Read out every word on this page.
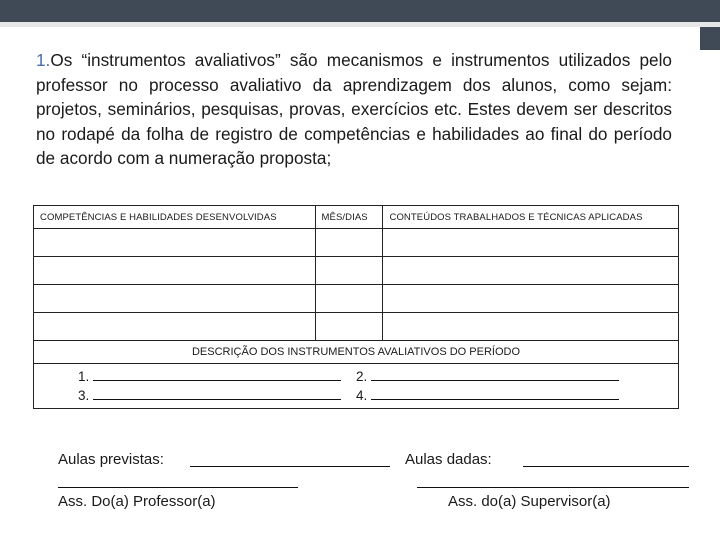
1.Os “instrumentos avaliativos” são mecanismos e instrumentos utilizados pelo professor no processo avaliativo da aprendizagem dos alunos, como sejam: projetos, seminários, pesquisas, provas, exercícios etc. Estes devem ser descritos no rodapé da folha de registro de competências e habilidades ao final do período de acordo com a numeração proposta;

COMPETÊNCIAS E HABILIDADES DESENVOLVIDAS	MÊS/DIAS	CONTEÚDOS TRABALHADOS E TÉCNICAS APLICADAS

DESCRIÇÃO DOS INSTRUMENTOS AVALIATIVOS DO PERÍODO		

1. 2.
3. 4.		
Aulas previstas:	Aulas dadas:
Ass. Do(a) Professor(a)	Ass. do(a) Supervisor(a)
